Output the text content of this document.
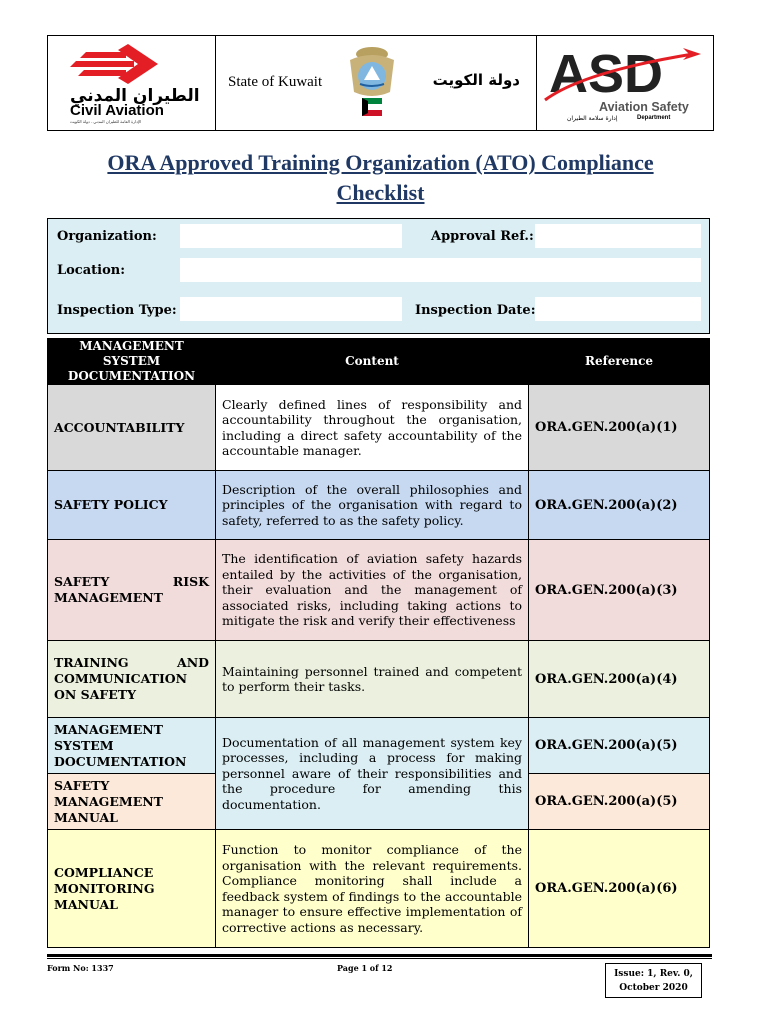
الطيران المدني
Civil Aviation
الإدارة العامة للطيران المدني - دولة الكويت
State of Kuwait	دولة الكويت ASD
Aviation Safety
إدارة سلامة الطيران	Department
ORA Approved Training Organization (ATO) Compliance
Checklist
Organization:	Approval Ref.:
Location:
Inspection Type:	Inspection Date:
MANAGEMENT SYSTEM DOCUMENTATION	Content	Reference
ACCOUNTABILITY	Clearly defined lines of responsibility and accountability throughout the organisation, including a direct safety accountability of the accountable manager.	ORA.GEN.200(a)(1)
SAFETY POLICY	Description of the overall philosophies and principles of the organisation with regard to safety, referred to as the safety policy.	ORA.GEN.200(a)(2)
SAFETY RISK MANAGEMENT	The identification of aviation safety hazards entailed by the activities of the organisation, their evaluation and the management of associated risks, including taking actions to mitigate the risk and verify their effectiveness	ORA.GEN.200(a)(3)
TRAINING AND COMMUNICATION ON SAFETY	Maintaining personnel trained and competent to perform their tasks.	ORA.GEN.200(a)(4)
MANAGEMENT SYSTEM DOCUMENTATION	Documentation of all management system key processes, including a process for making personnel aware of their responsibilities and the procedure for amending this documentation.	ORA.GEN.200(a)(5)
SAFETY MANAGEMENT MANUAL		ORA.GEN.200(a)(5)
COMPLIANCE MONITORING MANUAL	Function to monitor compliance of the organisation with the relevant requirements. Compliance monitoring shall include a feedback system of findings to the accountable manager to ensure effective implementation of corrective actions as necessary.	ORA.GEN.200(a)(6)
Form No: 1337	Page 1 of 12
Issue: 1, Rev. 0,
October 2020
